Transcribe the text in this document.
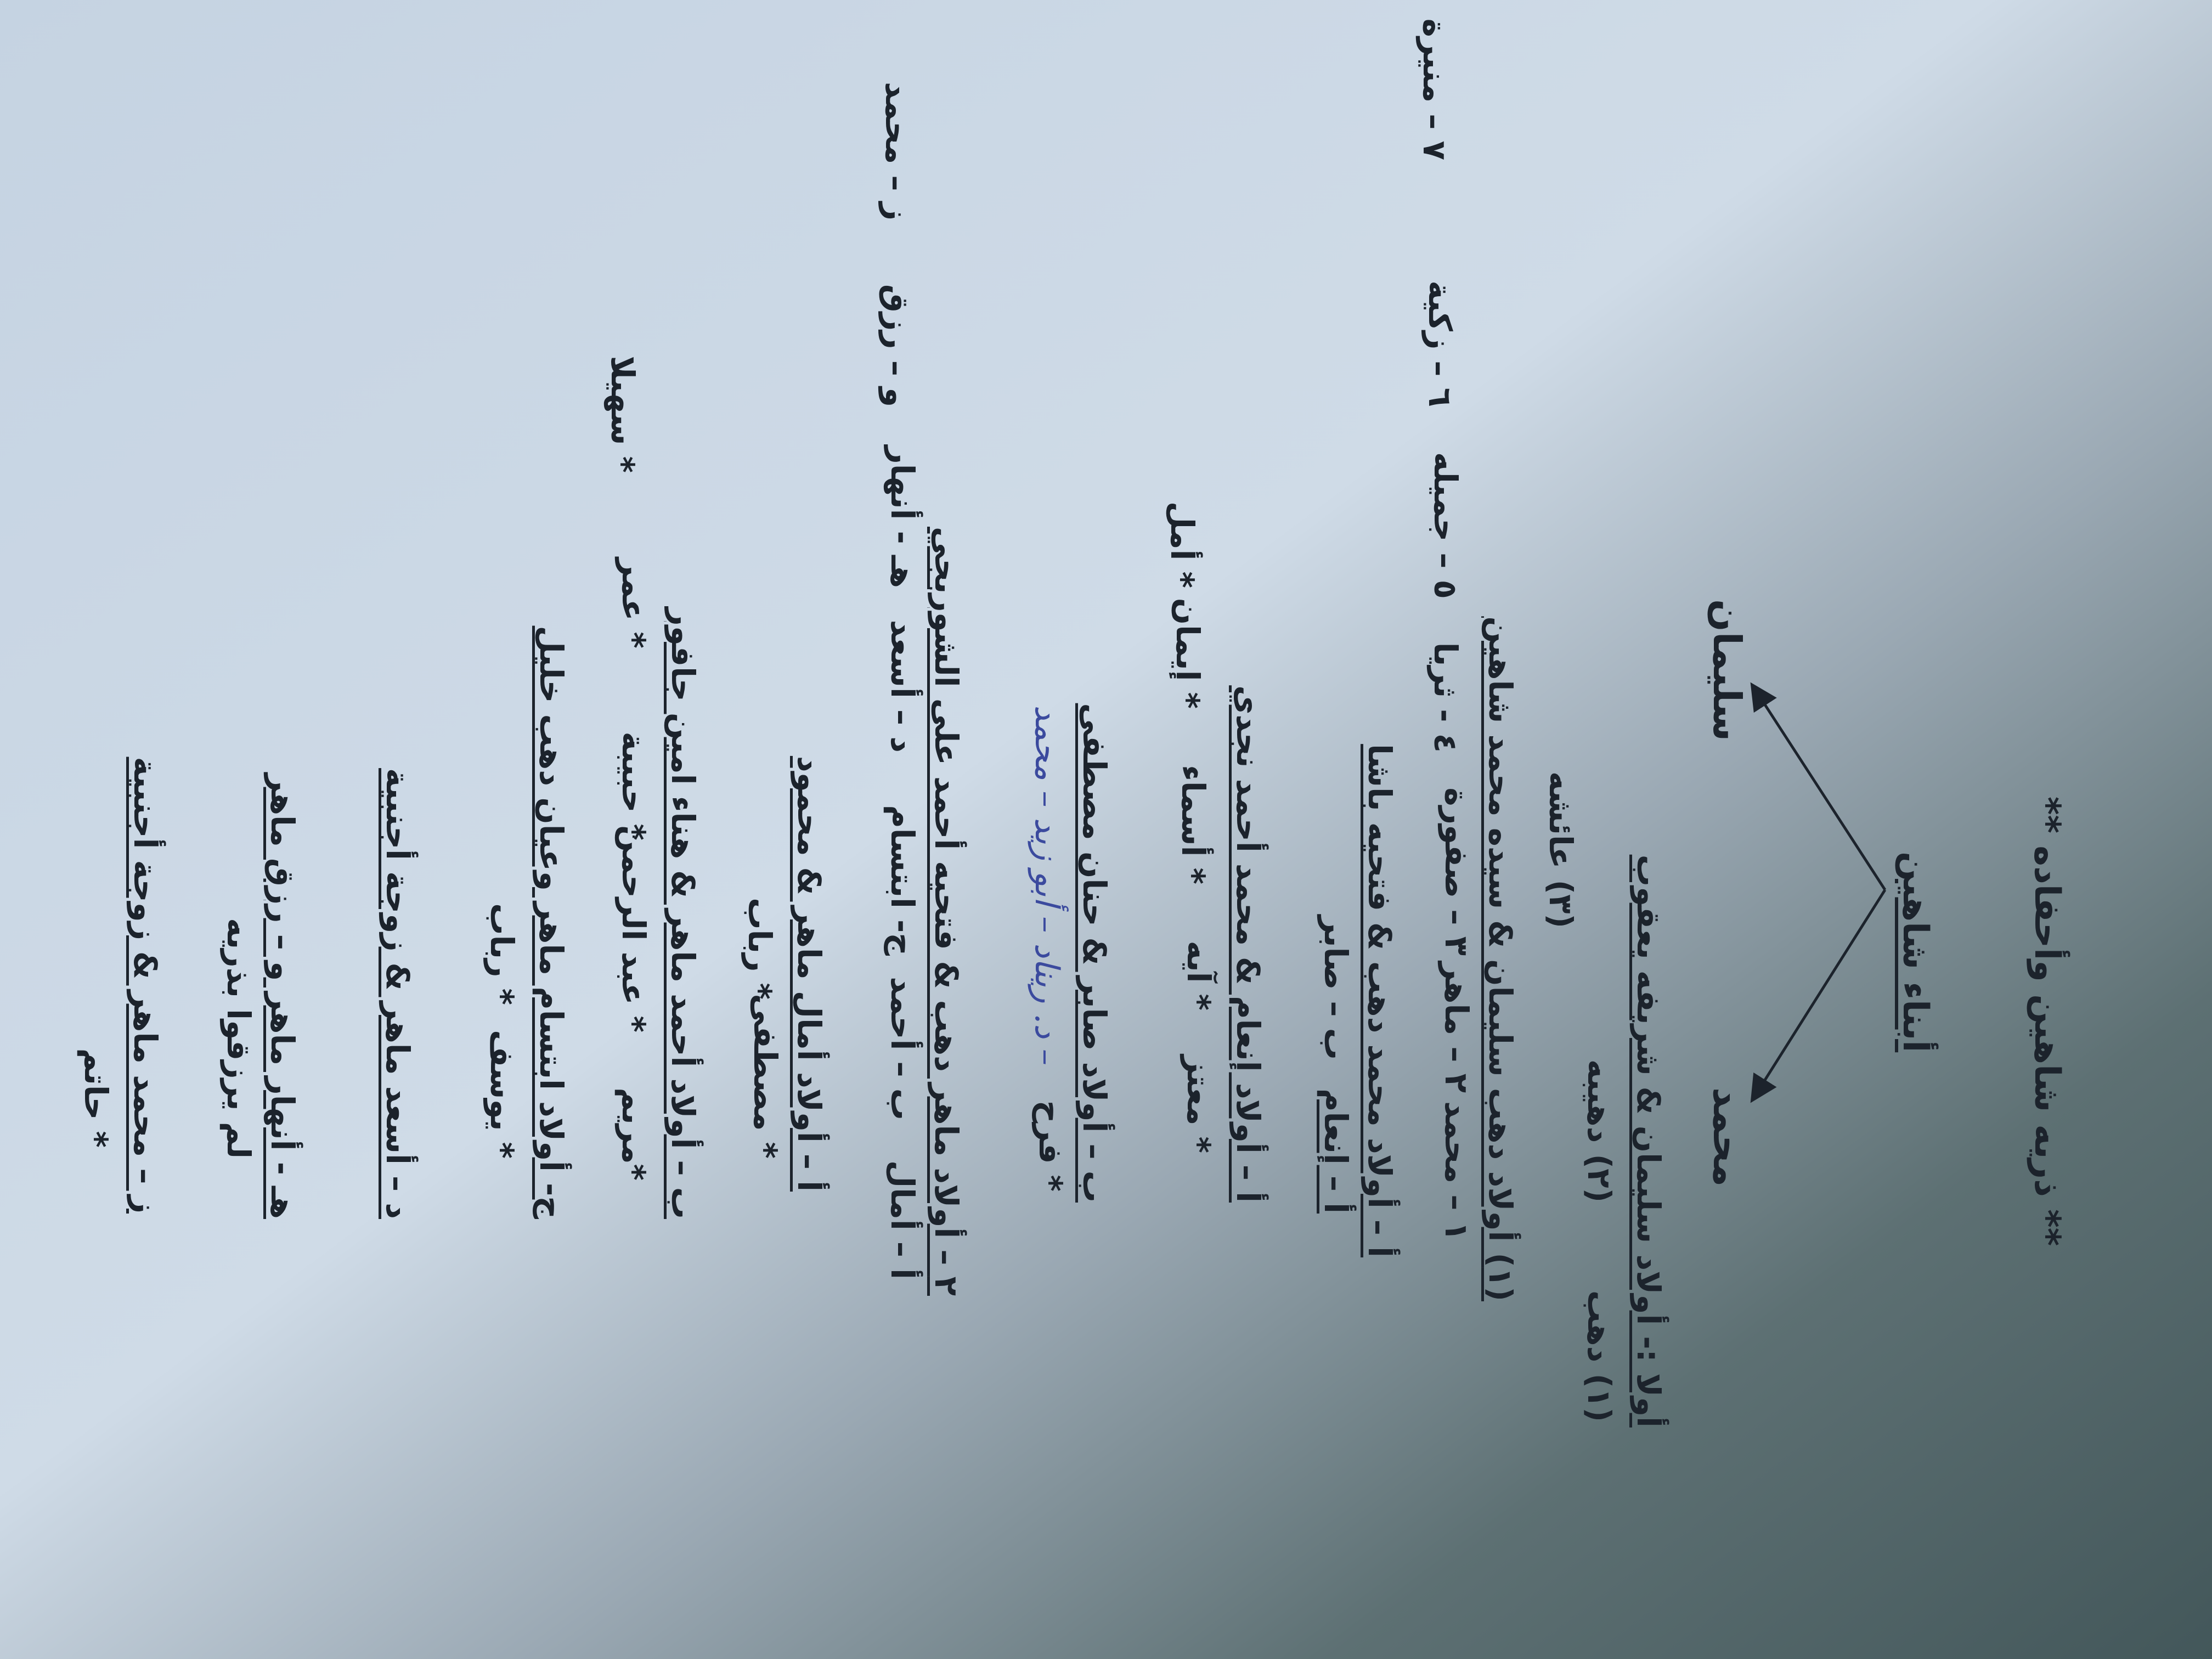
** ذريه شاهين وأحفاده **
أبناء شاهين
سليمان
محمد
أولا :- أولاد سليمان & شريفه يعقوب
(١) دهب
(٢) دهيبه
(٣) عائشه
(١) أولاد دهب سليمان & سيده محمد شاهين
١ – محمد
٢ – ماهر
٣ – صفورة
٤ - ثريا
٥ – جميله
٦ – زكية
٧ – منيرة
أ – أولاد محمد دهب & فتحيه باشا
أ – إنعام
ب – صابر
أ – أولاد إنعام & محمد أحمد نجدي
* معتز
* آيه
* أسماء
* إيمان
* أمل
ب – أولاد صابر & حنان مصطفى
* فرح
– د. ريناد – أبو زيد – محمد
٢ – أولاد ماهر دهب & فتحيه أحمد على الشوربجي
أ – أمال
ب – أحمد
ج- ابتسام
د – أسعد
هـ - أنهار
و – رزق
ز – محمد
أ – أولاد أمال ماهر & محمود
* مصطفى
* رباب
ب – أولاد أحمد ماهر & هناء امين جافور
*مريم
* عبد الرحمن
* حبيبة
* عمر
* سهيلا
ج- أولاد ابتسام ماهر وعيان دهب خليل
* يوسف
* رباب
د – أسعد ماهر & زوجة أجنبية
هـ - أنهار ماهر و – رزق ماهر
لم يرزقوا بذريه
ز – محمد ماهر & زوجة أجنبية
* حاتم
